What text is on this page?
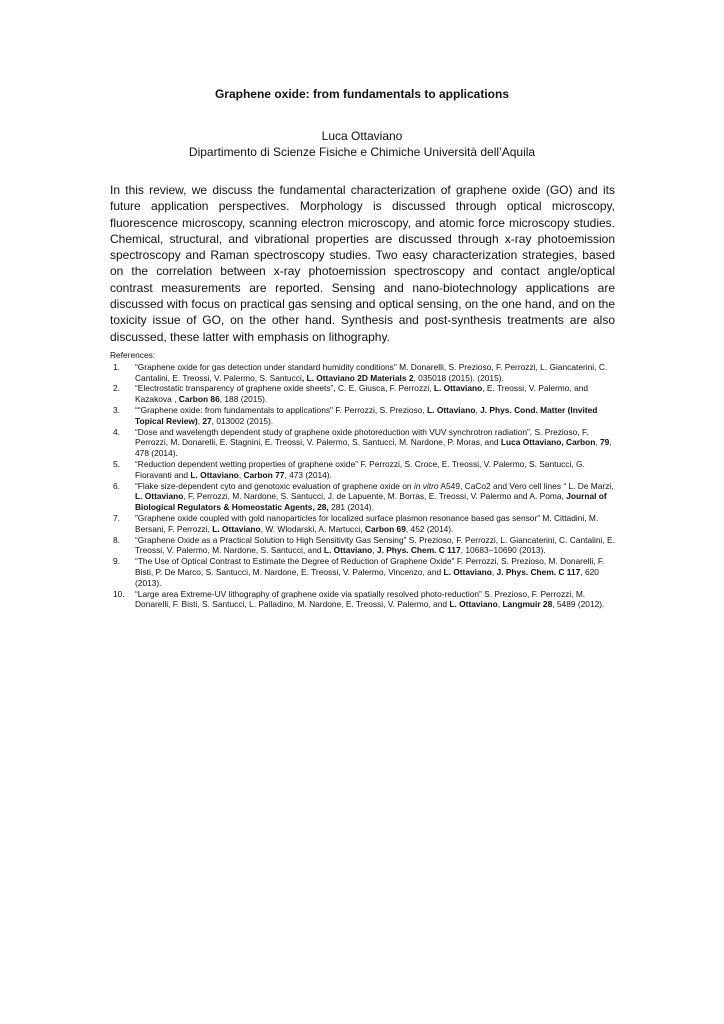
Graphene oxide: from fundamentals to applications
Luca Ottaviano
Dipartimento di Scienze Fisiche e Chimiche Università dell’Aquila
In this review, we discuss the fundamental characterization of graphene oxide (GO) and its future application perspectives. Morphology is discussed through optical microscopy, fluorescence microscopy, scanning electron microscopy, and atomic force microscopy studies. Chemical, structural, and vibrational properties are discussed through x-ray photoemission spectroscopy and Raman spectroscopy studies. Two easy characterization strategies, based on the correlation between x-ray photoemission spectroscopy and contact angle/optical contrast measurements are reported. Sensing and nano-biotechnology applications are discussed with focus on practical gas sensing and optical sensing, on the one hand, and on the toxicity issue of GO, on the other hand. Synthesis and post-synthesis treatments are also discussed, these latter with emphasis on lithography.
References:
1.	“Graphene oxide for gas detection under standard humidity conditions" M. Donarelli, S. Prezioso, F. Perrozzi, L. Giancaterini, C. Cantalini, E. Treossi, V. Palermo, S. Santucci, L. Ottaviano 2D Materials 2, 035018 (2015). (2015).
2.	“Electrostatic transparency of graphene oxide sheets”, C. E. Giusca, F. Perrozzi, L. Ottaviano, E. Treossi, V. Palermo, and Kazakova , Carbon 86, 188 (2015).
3.	““Graphene oxide: from fundamentals to applications" F. Perrozzi, S. Prezioso, L. Ottaviano, J. Phys. Cond. Matter (Invited Topical Review), 27, 013002 (2015).
4.	“Dose and wavelength dependent study of graphene oxide photoreduction with VUV synchrotron radiation”, S. Prezioso, F. Perrozzi, M. Donarelli, E. Stagnini, E. Treossi, V. Palermo, S. Santucci, M. Nardone, P. Moras, and Luca Ottaviano, Carbon, 79, 478 (2014).
5.	“Reduction dependent wetting properties of graphene oxide” F. Perrozzi, S. Croce, E. Treossi, V. Palermo, S. Santucci, G. Fioravanti and L. Ottaviano, Carbon 77, 473 (2014).
6.	“Flake size-dependent cyto and genotoxic evaluation of graphene oxide on in vitro A549, CaCo2 and Vero cell lines “ L. De Marzi, L. Ottaviano, F. Perrozzi, M. Nardone, S. Santucci, J. de Lapuente, M. Borras, E. Treossi, V. Palermo and A. Poma, Journal of Biological Regulators & Homeostatic Agents, 28, 281 (2014).
7.	”Graphene oxide coupled with gold nanoparticles for localized surface plasmon resonance based gas sensor” M. Cittadini, M. Bersani, F. Perrozzi, L. Ottaviano, W. Wlodarski, A. Martucci, Carbon 69, 452 (2014).
8.	“Graphene Oxide as a Practical Solution to High Sensitivity Gas Sensing” S. Prezioso, F. Perrozzi, L. Giancaterini, C. Cantalini, E. Treossi, V. Palermo, M. Nardone, S. Santucci, and L. Ottaviano, J. Phys. Chem. C 117, 10683−10690 (2013).
9.	“The Use of Optical Contrast to Estimate the Degree of Reduction of Graphene Oxide" F. Perrozzi, S. Prezioso, M. Donarelli, F. Bisti, P. De Marco, S. Santucci, M. Nardone, E. Treossi, V. Palermo, Vincenzo, and L. Ottaviano, J. Phys. Chem. C 117, 620 (2013).
10.	“Large area Extreme-UV lithography of graphene oxide via spatially resolved photo-reduction” S. Prezioso, F. Perrozzi, M. Donarelli, F. Bisti, S. Santucci, L. Palladino, M. Nardone, E. Treossi, V. Palermo, and L. Ottaviano, Langmuir 28, 5489 (2012).
